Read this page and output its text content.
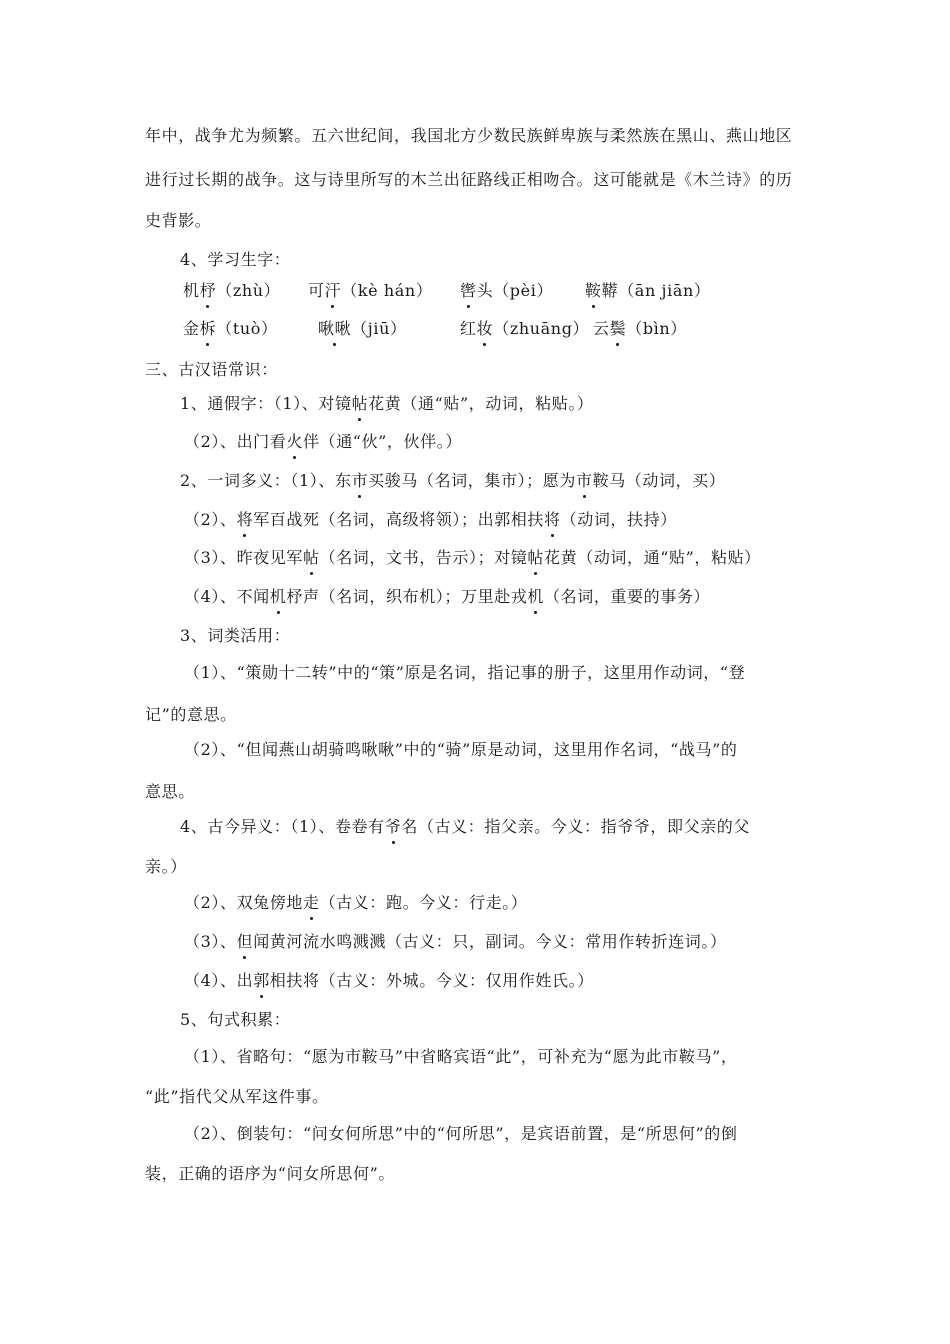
年中，战争尤为频繁。五六世纪间，我国北方少数民族鲜卑族与柔然族在黑山、燕山地区
进行过长期的战争。这与诗里所写的木兰出征路线正相吻合。这可能就是《木兰诗》的历
史背影。
4、学习生字：
机杼（zhù） 可汗（kè hán） 辔头（pèi） 鞍鞯（ān jiān）
金柝（tuò）	啾啾（jiū）	红妆（zhuāng） 云鬓（bìn）
三、古汉语常识：
1、通假字：（1）、对镜帖花黄（通“贴”，动词，粘贴。）
（2）、出门看火伴（通“伙”，伙伴。）
2、一词多义：（1）、东市买骏马（名词，集市）；愿为市鞍马（动词，买）
（2）、将军百战死（名词，高级将领）；出郭相扶将（动词，扶持）
（3）、昨夜见军帖（名词，文书，告示）；对镜帖花黄（动词，通“贴”，粘贴）
（4）、不闻机杼声（名词，织布机）；万里赴戎机（名词，重要的事务）
3、词类活用：
（1）、“策勋十二转”中的“策”原是名词，指记事的册子，这里用作动词，“登
记”的意思。
（2）、“但闻燕山胡骑鸣啾啾”中的“骑”原是动词，这里用作名词，“战马”的
意思。
4、古今异义：（1）、卷卷有爷名（古义：指父亲。今义：指爷爷，即父亲的父
亲。）
（2）、双兔傍地走（古义：跑。今义：行走。）
（3）、但闻黄河流水鸣溅溅（古义：只，副词。今义：常用作转折连词。）
（4）、出郭相扶将（古义：外城。今义：仅用作姓氏。）
5、句式积累：
（1）、省略句：“愿为市鞍马”中省略宾语“此”，可补充为“愿为此市鞍马”，
“此”指代父从军这件事。
（2）、倒装句：“问女何所思”中的“何所思”，是宾语前置，是“所思何”的倒
装，正确的语序为“问女所思何”。
